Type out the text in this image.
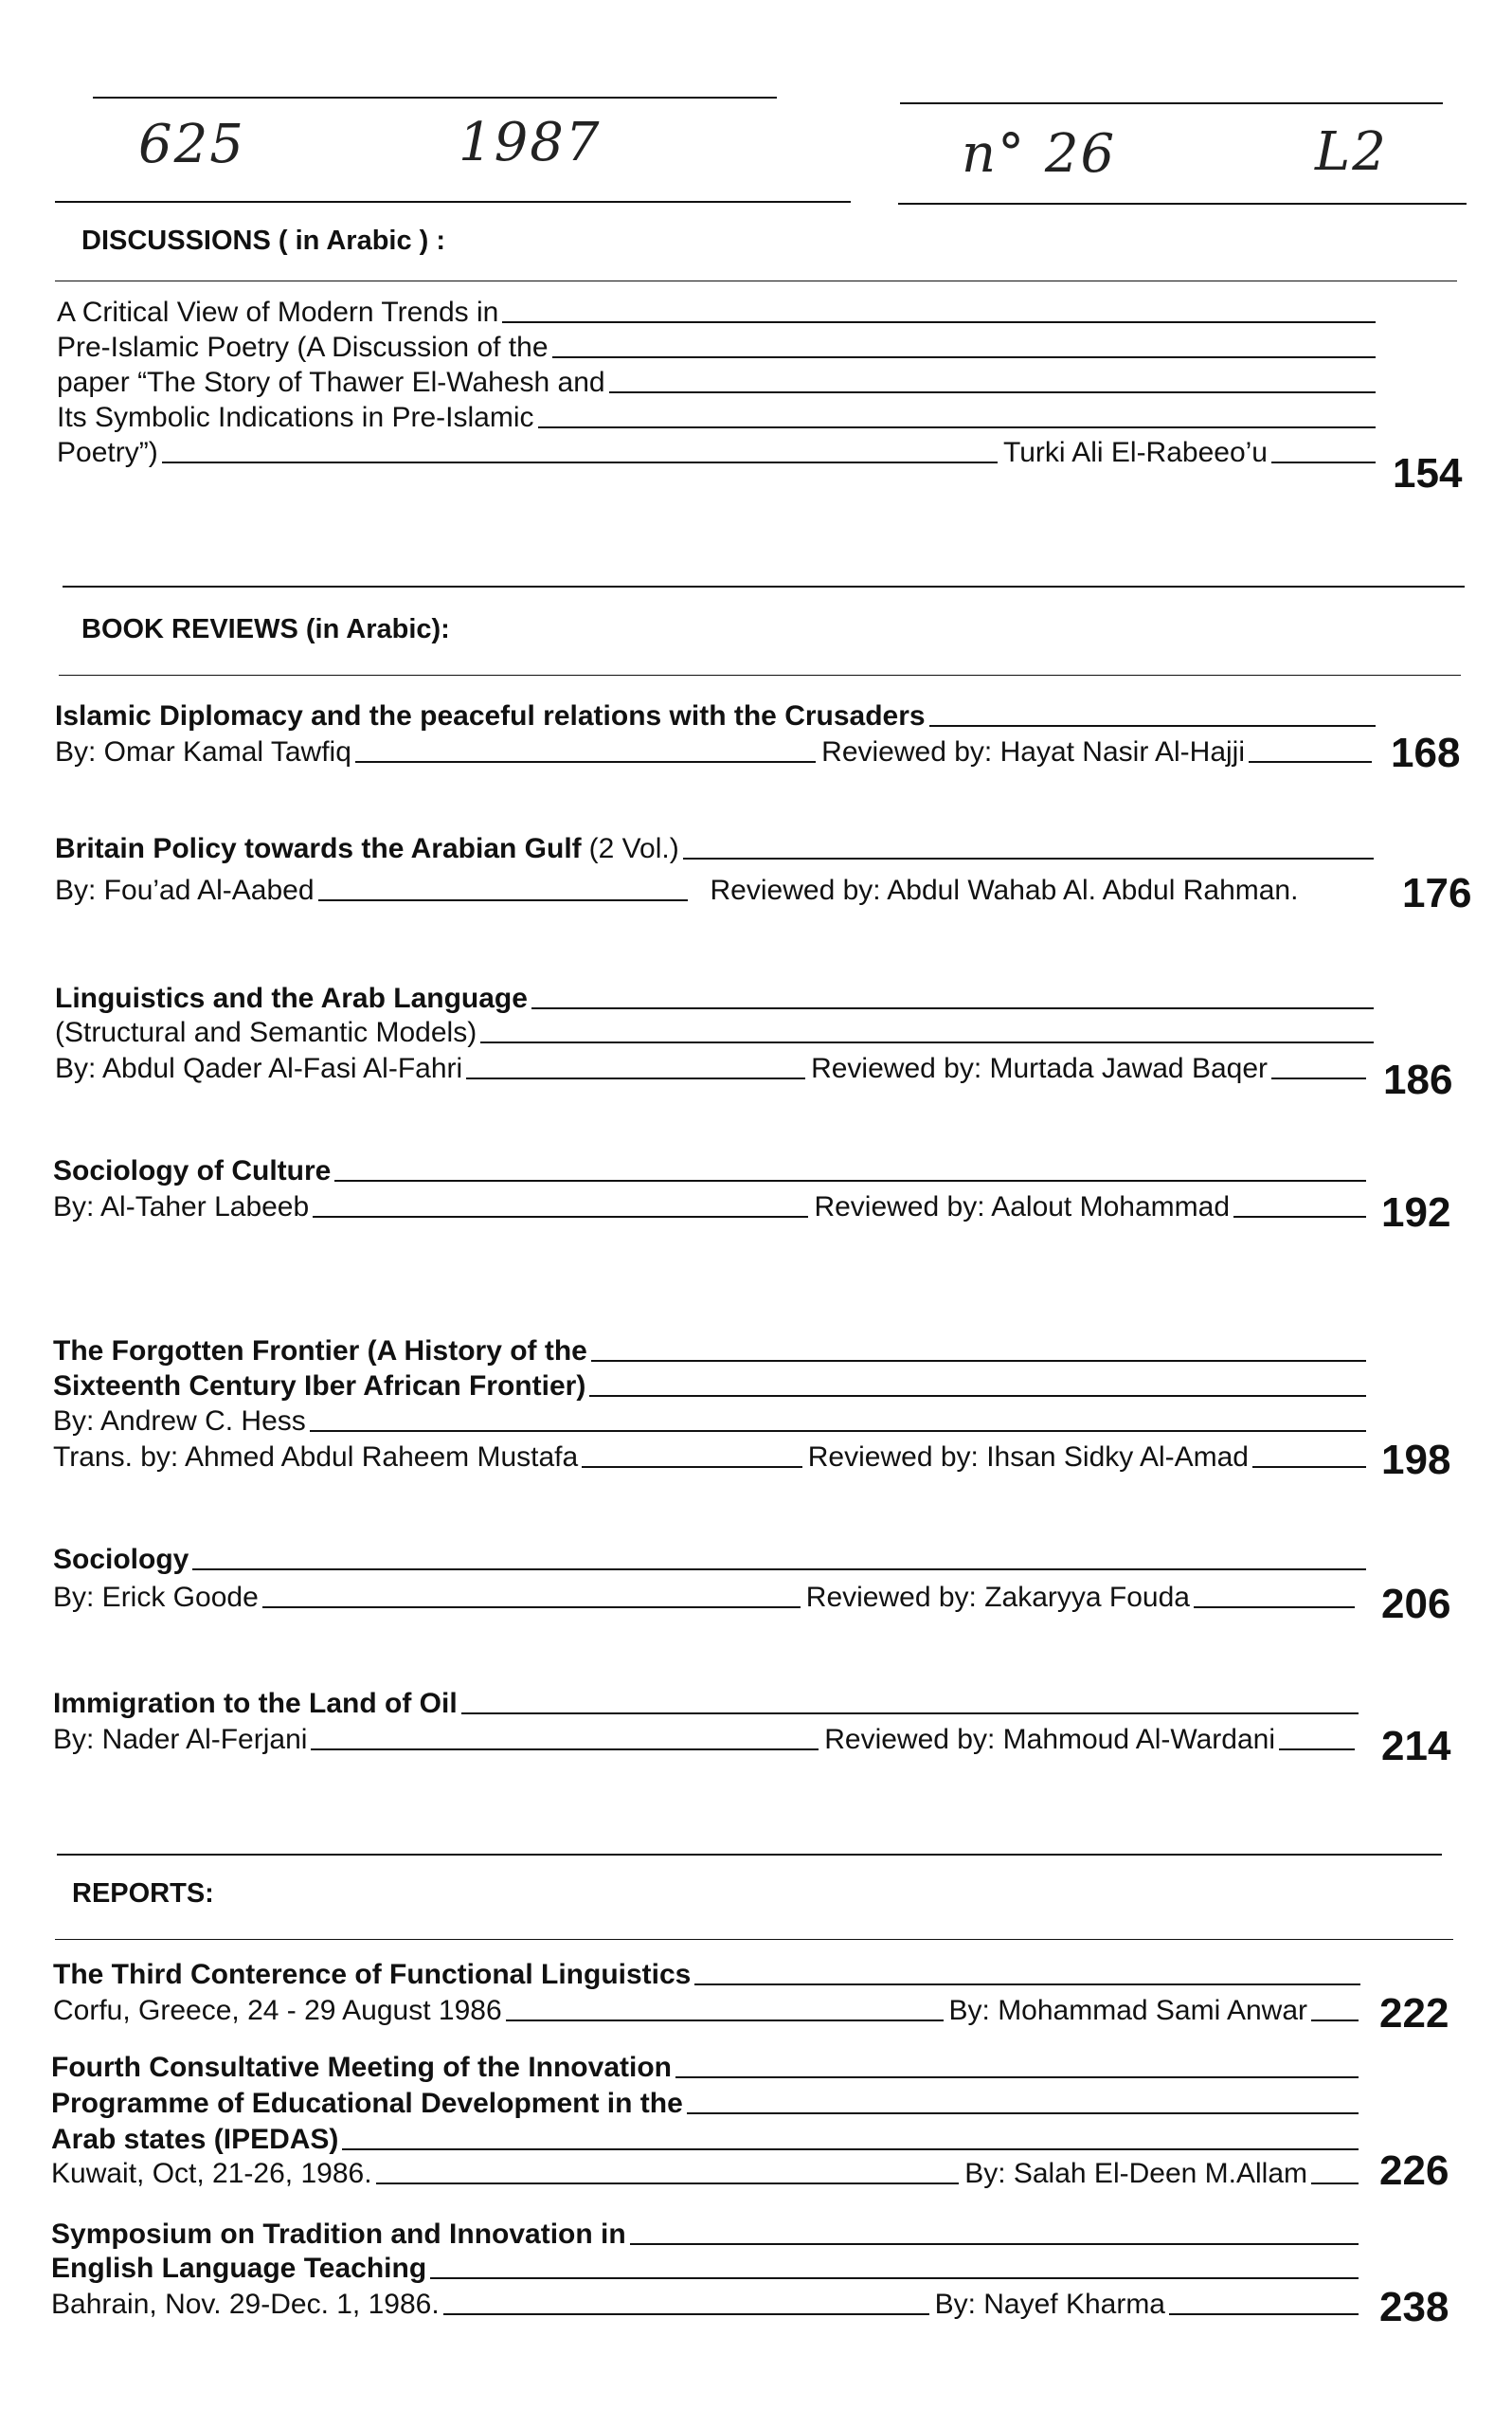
625	1987	n° 26	L2
DISCUSSIONS ( in Arabic ) :
A Critical View of Modern Trends in
Pre-Islamic Poetry (A Discussion of the
paper “The Story of Thawer El-Wahesh and
Its Symbolic Indications in Pre-Islamic
Poetry”)	Turki Ali El-Rabeeo’u	154
BOOK REVIEWS (in Arabic):
Islamic Diplomacy and the peaceful relations with the Crusaders
By: Omar Kamal Tawfiq	Reviewed by: Hayat Nasir Al-Hajji	168
Britain Policy towards the Arabian Gulf (2 Vol.)
By: Fou’ad Al-Aabed	Reviewed by: Abdul Wahab Al. Abdul Rahman. 176
Linguistics and the Arab Language
(Structural and Semantic Models)
By: Abdul Qader Al-Fasi Al-Fahri	Reviewed by: Murtada Jawad Baqer	186
Sociology of Culture
By: Al-Taher Labeeb	Reviewed by: Aalout Mohammad	192
The Forgotten Frontier (A History of the
Sixteenth Century Iber African Frontier)
By: Andrew C. Hess
Trans. by: Ahmed Abdul Raheem Mustafa	Reviewed by: Ihsan Sidky Al-Amad	198
Sociology
By: Erick Goode	Reviewed by: Zakaryya Fouda	206
Immigration to the Land of Oil
By: Nader Al-Ferjani	Reviewed by: Mahmoud Al-Wardani	214
REPORTS:
The Third Conterence of Functional Linguistics
Corfu, Greece, 24 - 29 August 1986	By: Mohammad Sami Anwar 222
Fourth Consultative Meeting of the Innovation
Programme of Educational Development in the
Arab states (IPEDAS)
Kuwait, Oct, 21-26, 1986.	By: Salah El-Deen M.Allam 226
Symposium on Tradition and Innovation in
English Language Teaching
Bahrain, Nov. 29-Dec. 1, 1986.	By: Nayef Kharma	238
